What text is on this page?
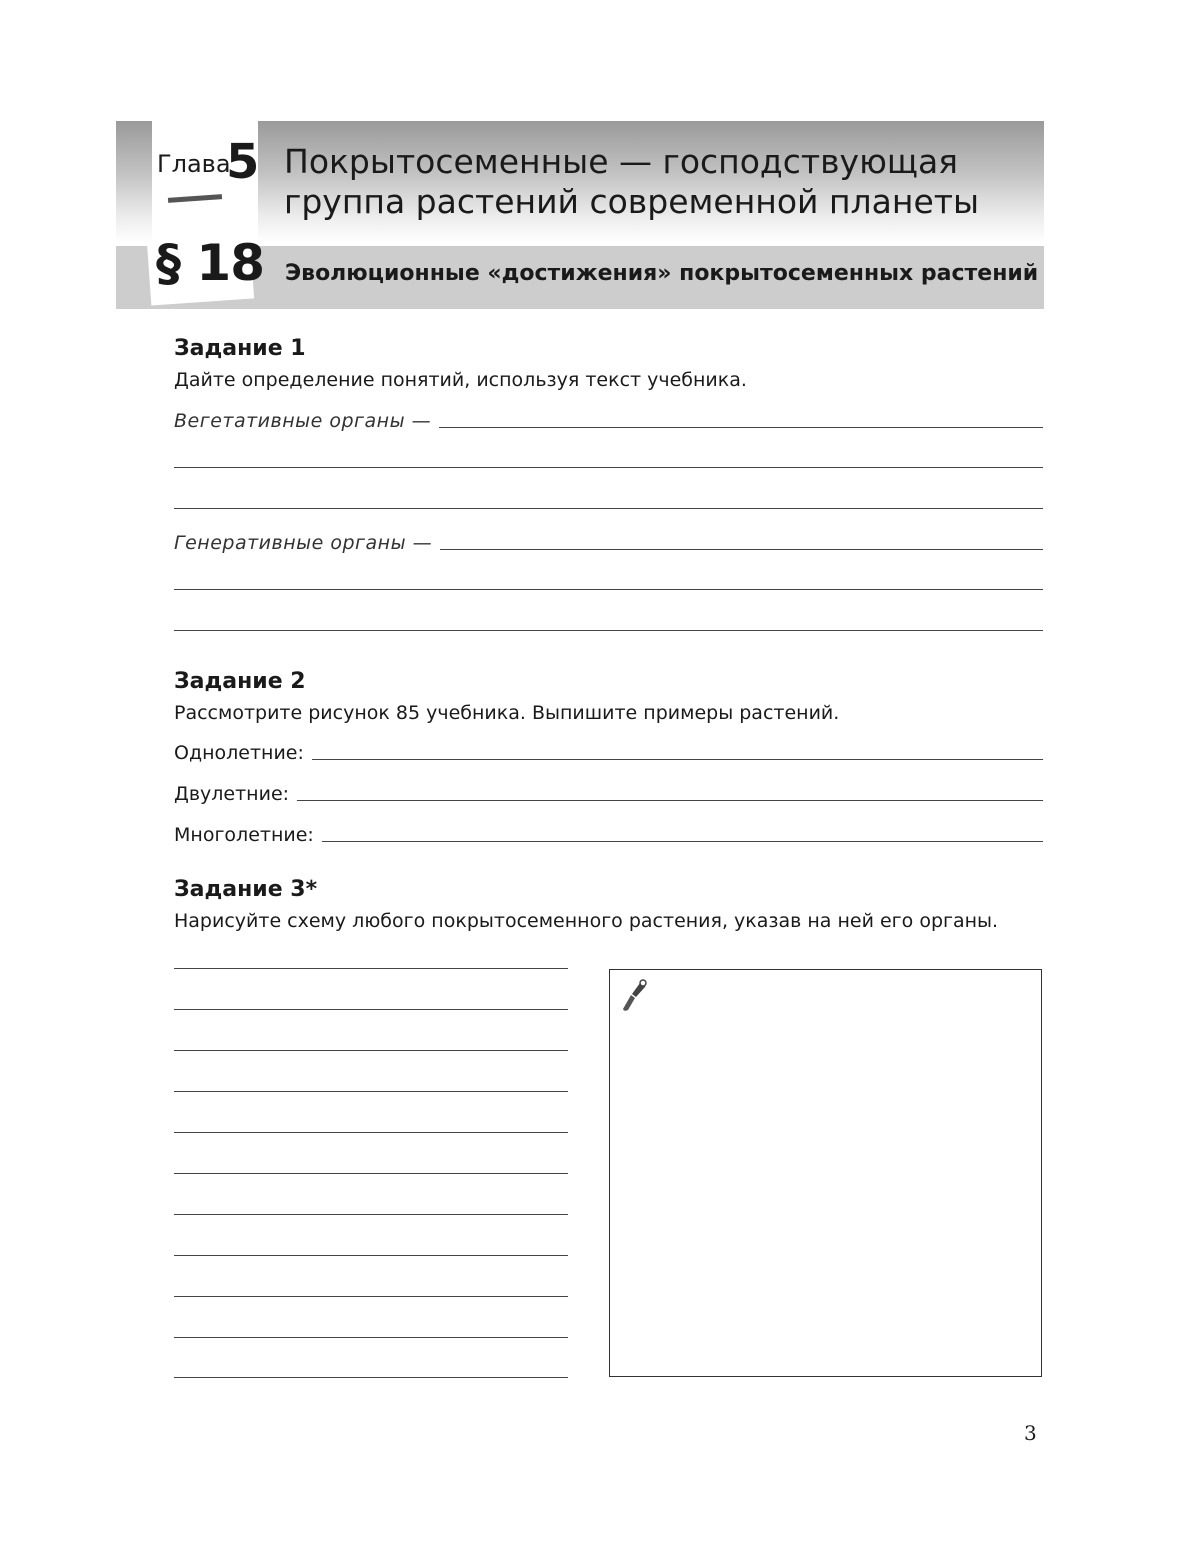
Глава
5 Покрытосеменные — господствующая группа растений современной планеты
§ 18 Эволюционные «достижения» покрытосеменных растений
Задание 1
Дайте определение понятий, используя текст учебника.
Вегетативные органы —
Генеративные органы —
Задание 2
Рассмотрите рисунок 85 учебника. Выпишите примеры растений.
Однолетние:
Двулетние:
Многолетние:
Задание 3*
Нарисуйте схему любого покрытосеменного растения, указав на ней его органы.
3
